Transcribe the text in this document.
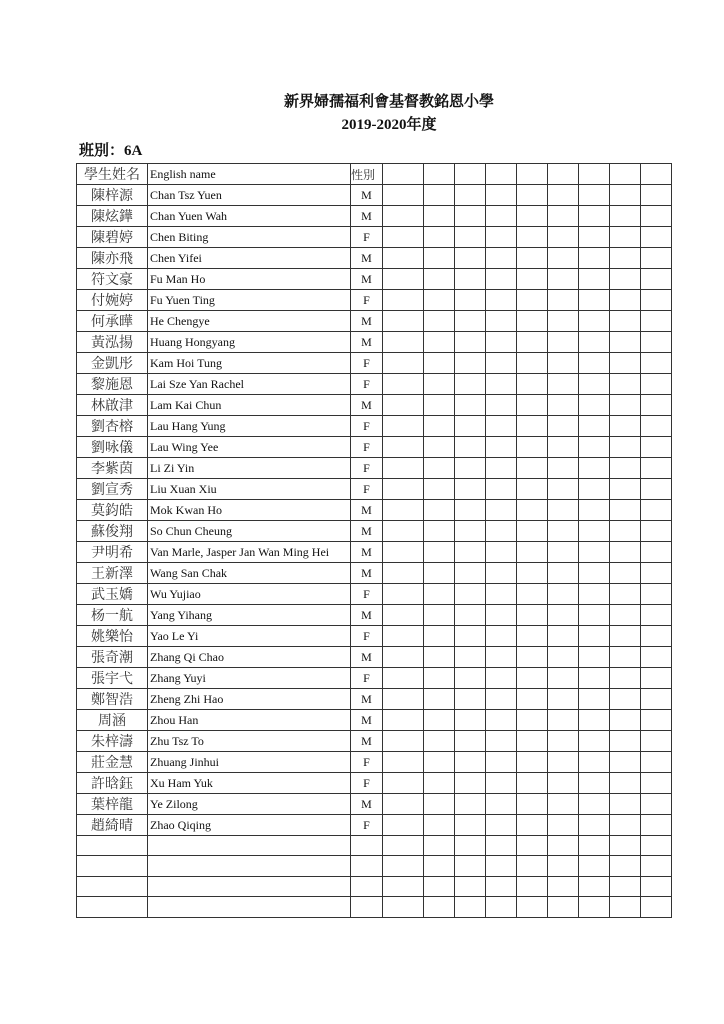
新界婦孺福利會基督教銘恩小學
2019-2020年度
班別：6A
學生姓名	English name	性別									
陳梓源	Chan Tsz Yuen	M									
陳炫鏵	Chan Yuen Wah	M									
陳碧婷	Chen Biting	F									
陳亦飛	Chen Yifei	M									
符文豪	Fu Man Ho	M									
付婉婷	Fu Yuen Ting	F									
何承曄	He Chengye	M									
黃泓揚	Huang Hongyang	M									
金凱彤	Kam Hoi Tung	F									
黎施恩	Lai Sze Yan Rachel	F									
林啟津	Lam Kai Chun	M									
劉杏榕	Lau Hang Yung	F									
劉咏儀	Lau Wing Yee	F									
李紫茵	Li Zi Yin	F									
劉宣秀	Liu Xuan Xiu	F									
莫鈞皓	Mok Kwan Ho	M									
蘇俊翔	So Chun Cheung	M									
尹明希	Van Marle, Jasper Jan Wan Ming Hei	M									
王新澤	Wang San Chak	M									
武玉嬌	Wu Yujiao	F									
杨一航	Yang Yihang	M									
姚樂怡	Yao Le Yi	F									
張奇潮	Zhang Qi Chao	M									
張宇弋	Zhang Yuyi	F									
鄭智浩	Zheng Zhi Hao	M									
周涵	Zhou Han	M									
朱梓濤	Zhu Tsz To	M									
莊金慧	Zhuang Jinhui	F									
許晗鈺	Xu Ham Yuk	F									
葉梓龍	Ye Zilong	M									
趙綺晴	Zhao Qiqing	F									
